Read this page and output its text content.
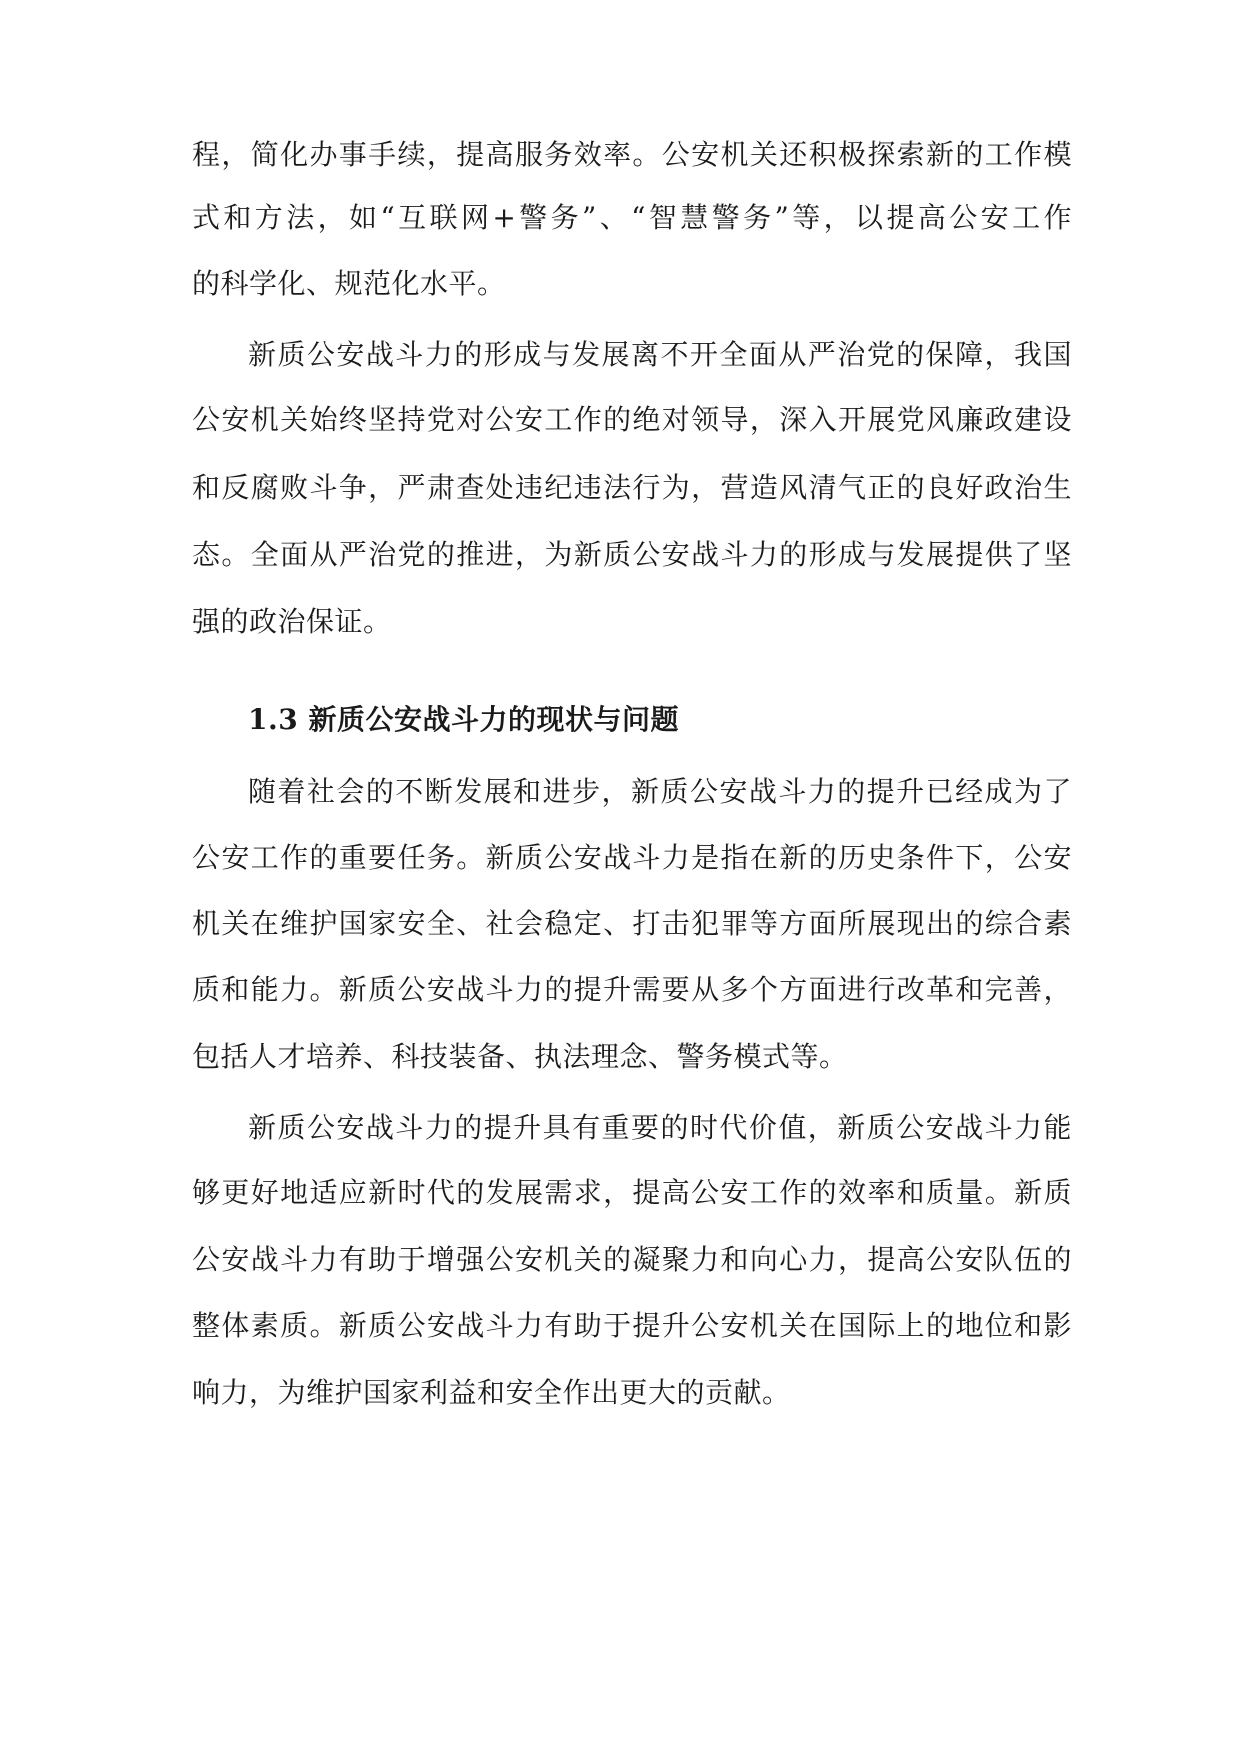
程，简化办事手续，提高服务效率。公安机关还积极探索新的工作模
式和方法，如“互联网+警务”、“智慧警务”等，以提高公安工作
的科学化、规范化水平。
新质公安战斗力的形成与发展离不开全面从严治党的保障，我国
公安机关始终坚持党对公安工作的绝对领导，深入开展党风廉政建设
和反腐败斗争，严肃查处违纪违法行为，营造风清气正的良好政治生
态。全面从严治党的推进，为新质公安战斗力的形成与发展提供了坚
强的政治保证。
1.3 新质公安战斗力的现状与问题
随着社会的不断发展和进步，新质公安战斗力的提升已经成为了
公安工作的重要任务。新质公安战斗力是指在新的历史条件下，公安
机关在维护国家安全、社会稳定、打击犯罪等方面所展现出的综合素
质和能力。新质公安战斗力的提升需要从多个方面进行改革和完善，
包括人才培养、科技装备、执法理念、警务模式等。
新质公安战斗力的提升具有重要的时代价值，新质公安战斗力能
够更好地适应新时代的发展需求，提高公安工作的效率和质量。新质
公安战斗力有助于增强公安机关的凝聚力和向心力，提高公安队伍的
整体素质。新质公安战斗力有助于提升公安机关在国际上的地位和影
响力，为维护国家利益和安全作出更大的贡献。
